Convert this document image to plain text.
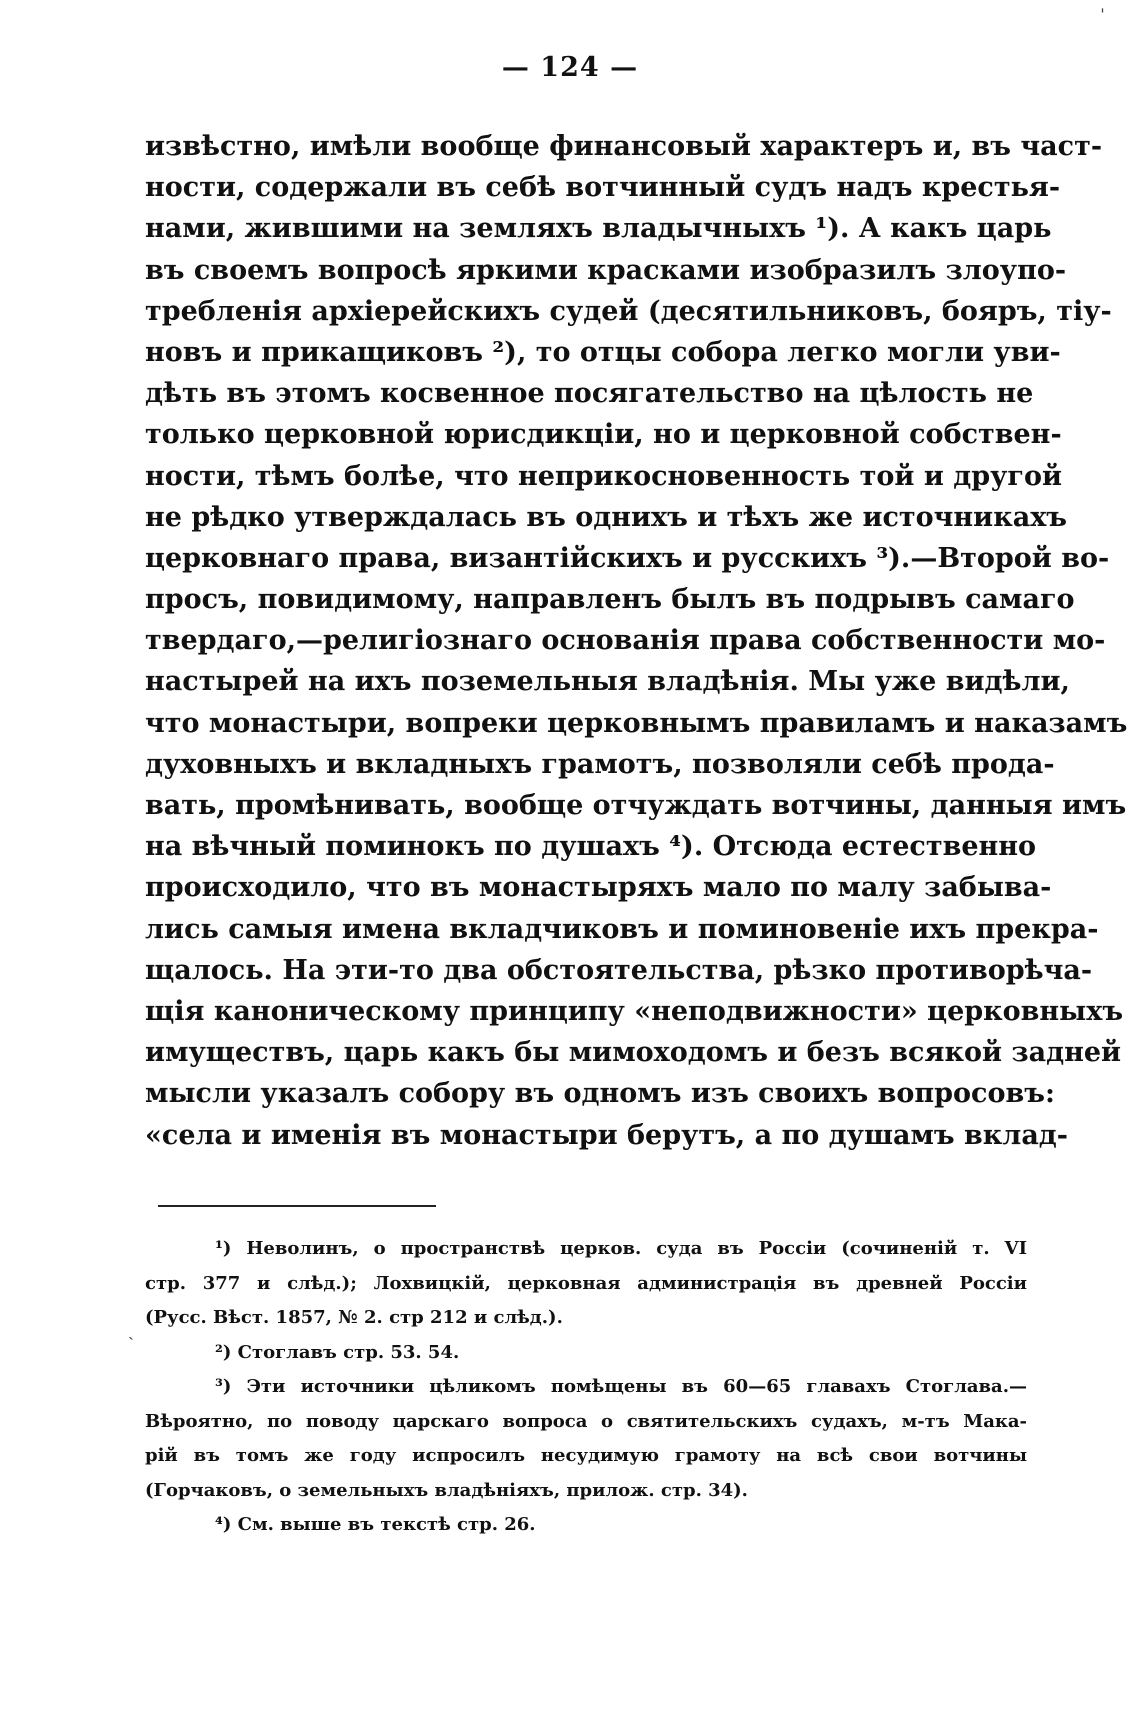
— 124 —
извѣстно, имѣли вообще финансовый характеръ и, въ част-
ности, содержали въ себѣ вотчинный судъ надъ крестья-
нами, жившими на земляхъ владычныхъ ¹). А какъ царь
въ своемъ вопросѣ яркими красками изобразилъ злоупо-
требленія архіерейскихъ судей (десятильниковъ, бояръ, тіу-
новъ и прикащиковъ ²), то отцы собора легко могли уви-
дѣть въ этомъ косвенное посягательство на цѣлость не
только церковной юрисдикціи, но и церковной собствен-
ности, тѣмъ болѣе, что неприкосновенность той и другой
не рѣдко утверждалась въ однихъ и тѣхъ же источникахъ
церковнаго права, византійскихъ и русскихъ ³).—Второй во-
просъ, повидимому, направленъ былъ въ подрывъ самаго
твердаго,—религіознаго основанія права собственности мо-
настырей на ихъ поземельныя владѣнія. Мы уже видѣли,
что монастыри, вопреки церковнымъ правиламъ и наказамъ
духовныхъ и вкладныхъ грамотъ, позволяли себѣ прода-
вать, промѣнивать, вообще отчуждать вотчины, данныя имъ
на вѣчный поминокъ по душахъ ⁴). Отсюда естественно
происходило, что въ монастыряхъ мало по малу забыва-
лись самыя имена вкладчиковъ и поминовеніе ихъ прекра-
щалось. На эти-то два обстоятельства, рѣзко противорѣча-
щія каноническому принципу «неподвижности» церковныхъ
имуществъ, царь какъ бы мимоходомъ и безъ всякой задней
мысли указалъ собору въ одномъ изъ своихъ вопросовъ:
«села и именія въ монастыри берутъ, а по душамъ вклад-
¹) Неволинъ, о пространствѣ церков. суда въ Россіи (сочиненій т. VI
стр. 377 и слѣд.); Лохвицкій, церковная администрація въ древней Россіи
(Русс. Вѣст. 1857, № 2. стр 212 и слѣд.).
²) Стоглавъ стр. 53. 54.
³) Эти источники цѣликомъ помѣщены въ 60—65 главахъ Стоглава.—
Вѣроятно, по поводу царскаго вопроса о святительскихъ судахъ, м-тъ Мака-
рій въ томъ же году испросилъ несудимую грамоту на всѣ свои вотчины
(Горчаковъ, о земельныхъ владѣніяхъ, прилож. стр. 34).
⁴) См. выше въ текстѣ стр. 26.
ˈ
ˏ
